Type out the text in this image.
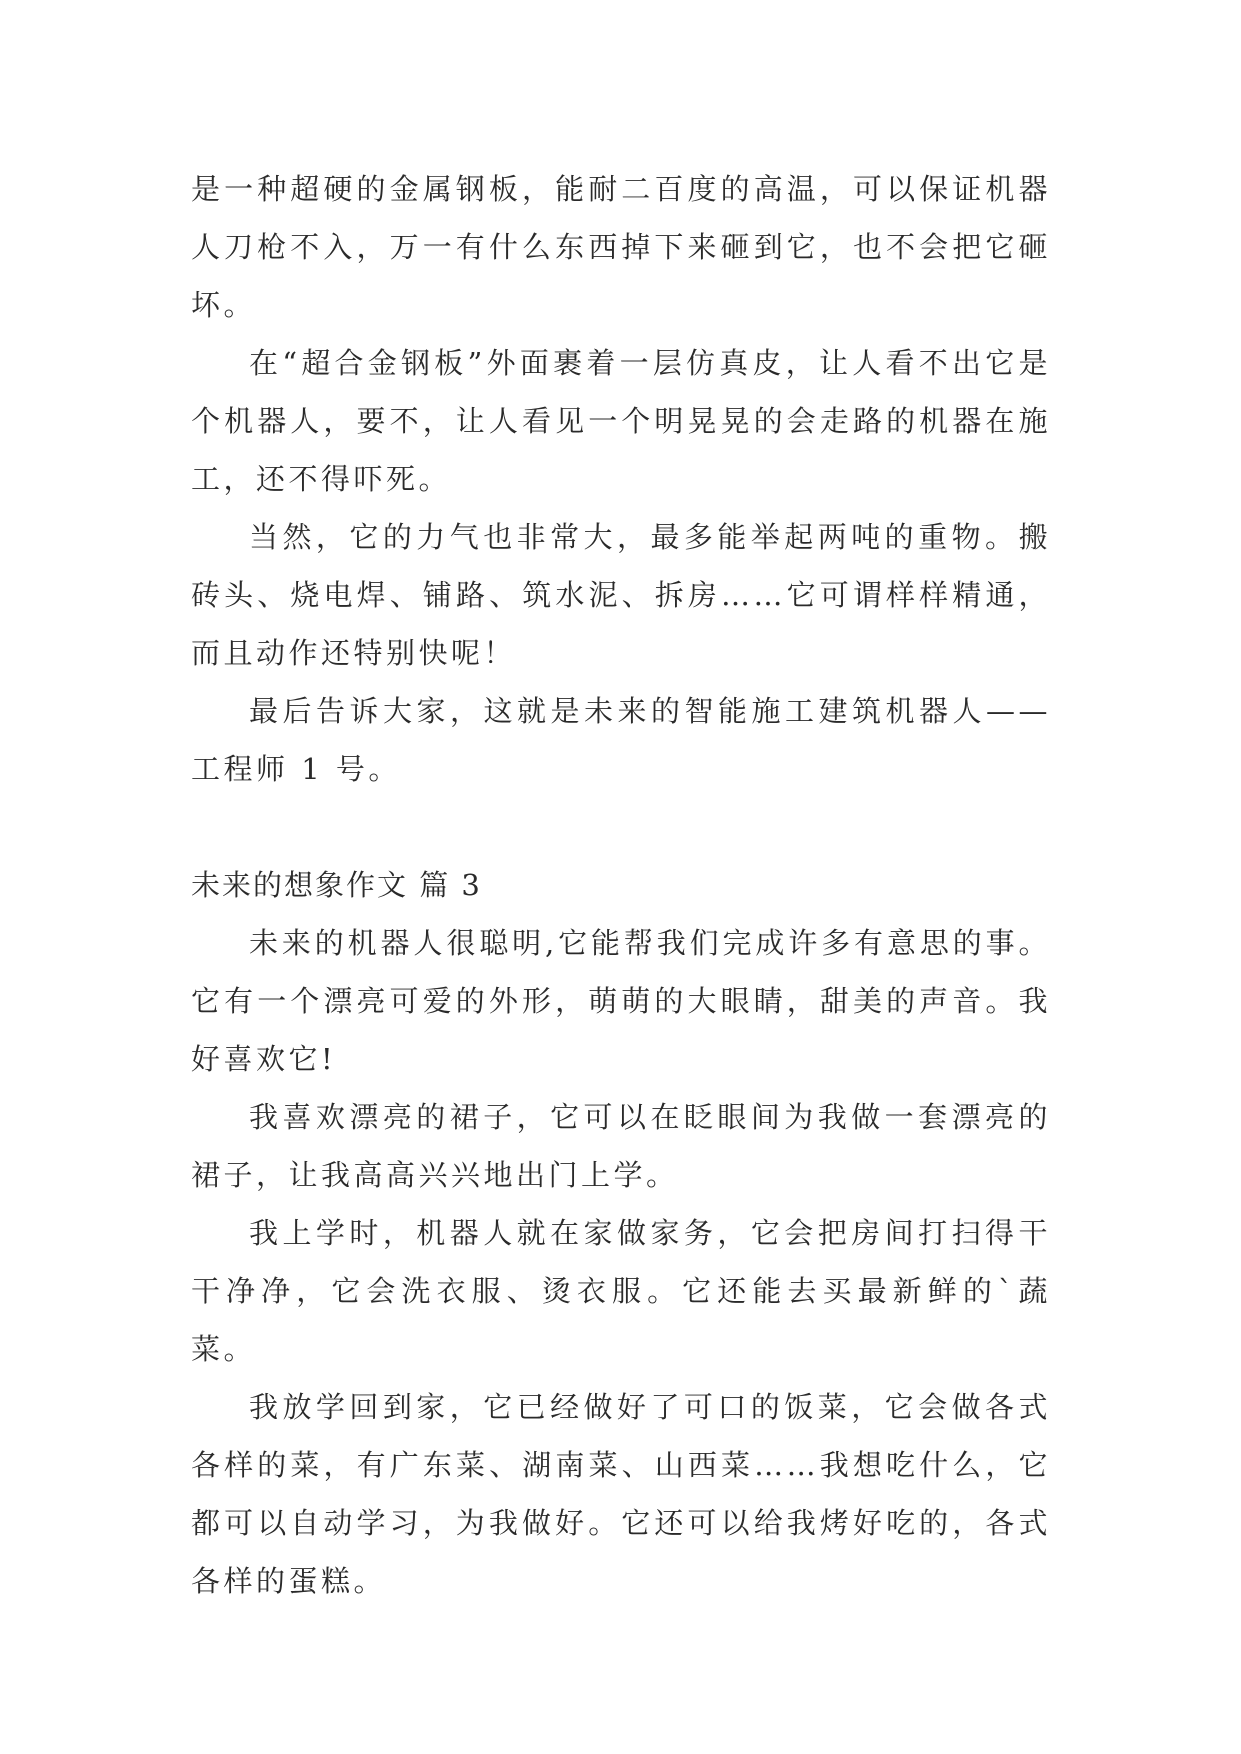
是一种超硬的金属钢板，能耐二百度的高温，可以保证机器人刀枪不入，万一有什么东西掉下来砸到它，也不会把它砸坏。

在“超合金钢板”外面裹着一层仿真皮，让人看不出它是个机器人，要不，让人看见一个明晃晃的会走路的机器在施工，还不得吓死。

当然，它的力气也非常大，最多能举起两吨的重物。搬砖头、烧电焊、铺路、筑水泥、拆房……它可谓样样精通，而且动作还特别快呢！

最后告诉大家，这就是未来的智能施工建筑机器人——工程师 1 号。

未来的想象作文 篇 3

未来的机器人很聪明,它能帮我们完成许多有意思的事。它有一个漂亮可爱的外形，萌萌的大眼睛，甜美的声音。我好喜欢它!

我喜欢漂亮的裙子，它可以在眨眼间为我做一套漂亮的裙子，让我高高兴兴地出门上学。

我上学时，机器人就在家做家务，它会把房间打扫得干干净净，它会洗衣服、烫衣服。它还能去买最新鲜的`蔬菜。

我放学回到家，它已经做好了可口的饭菜，它会做各式各样的菜，有广东菜、湖南菜、山西菜……我想吃什么，它都可以自动学习，为我做好。它还可以给我烤好吃的，各式各样的蛋糕。
